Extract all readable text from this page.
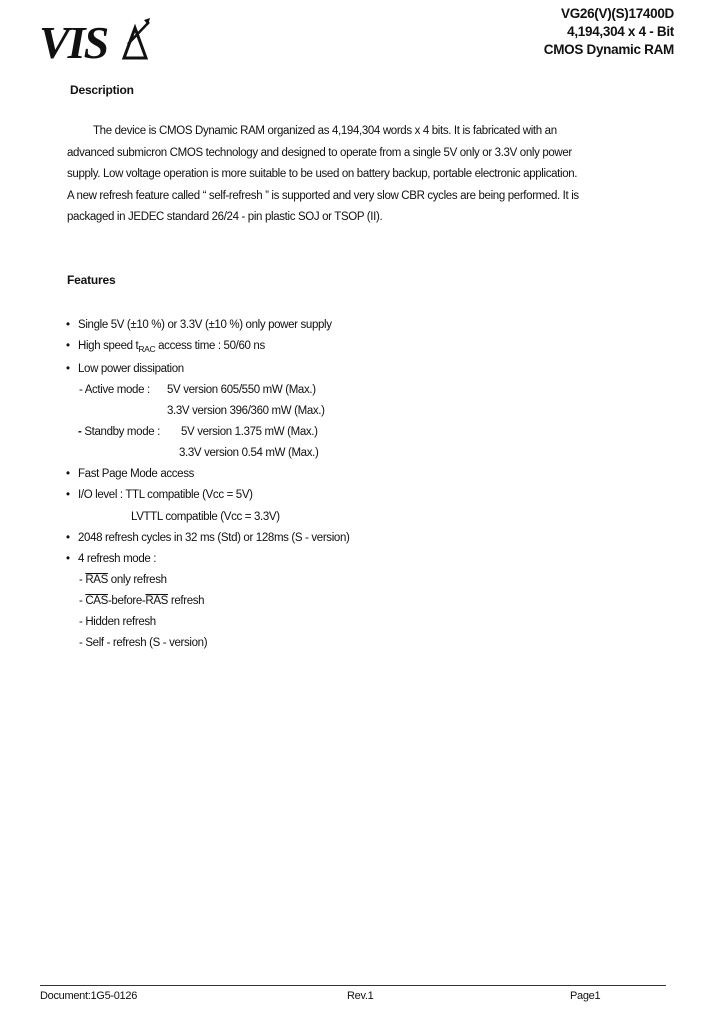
VIS
VG26(V)(S)17400D
4,194,304 x 4 - Bit
CMOS Dynamic RAM
Description
The device is CMOS Dynamic RAM organized as 4,194,304 words x 4 bits. It is fabricated with an
advanced submicron CMOS technology and designed to operate from a single 5V only or 3.3V only power
supply. Low voltage operation is more suitable to be used on battery backup, portable electronic application.
A new refresh feature called “ self-refresh ” is supported and very slow CBR cycles are being performed. It is
packaged in JEDEC standard 26/24 - pin plastic SOJ or TSOP (II).
Features
• Single 5V (±10 %) or 3.3V (±10 %) only power supply
• High speed $t_{RAC}$ access time : 50/60 ns
• Low power dissipation
- Active mode : 5V version 605/550 mW (Max.)
3.3V version 396/360 mW (Max.)
- Standby mode : 5V version 1.375 mW (Max.)
3.3V version 0.54 mW (Max.)
• Fast Page Mode access
• I/O level : TTL compatible (Vcc = 5V)
LVTTL compatible (Vcc = 3.3V)
• 2048 refresh cycles in 32 ms (Std) or 128ms (S - version)
• 4 refresh mode :
- $\overline{RAS}$ only refresh
- $\overline{CAS}-before-\overline{RAS}$ refresh
- Hidden refresh
- Self - refresh (S - version)
Document:1G5-0126	Rev.1	Page1
